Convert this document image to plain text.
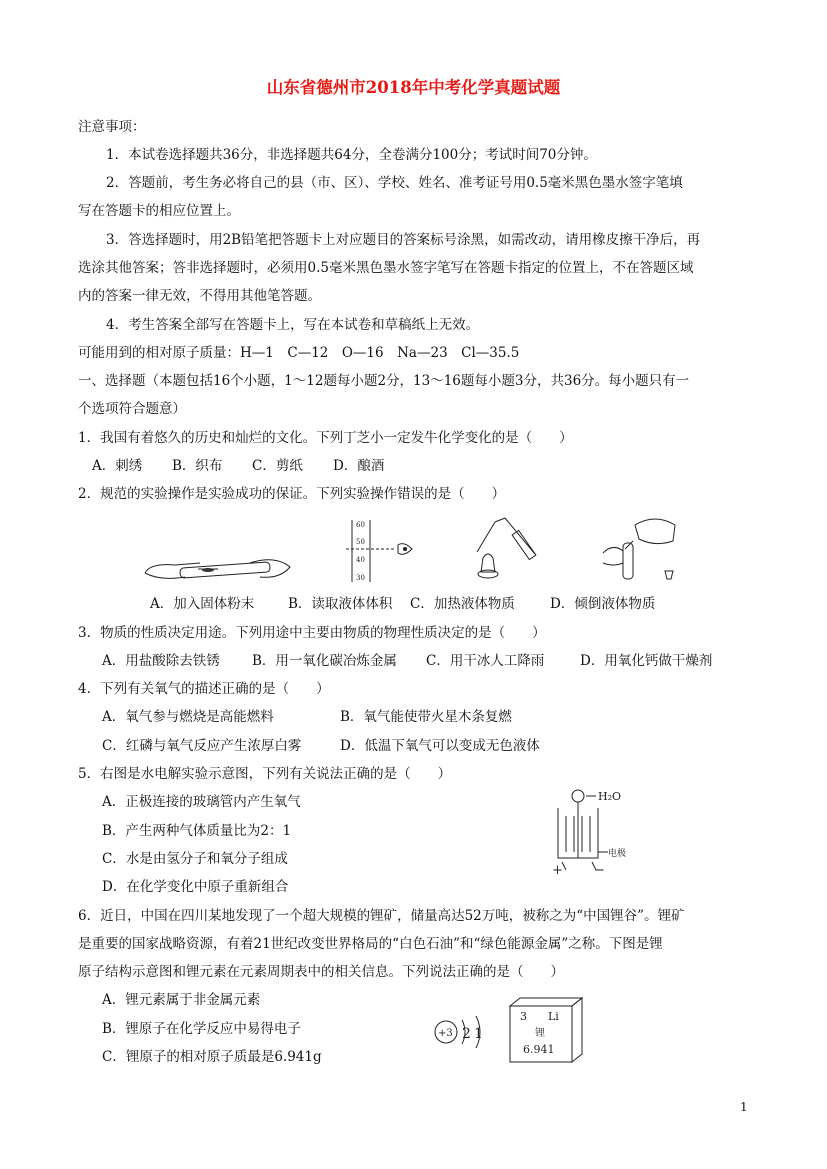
山东省德州市2018年中考化学真题试题
注意事项：
1．本试卷选择题共36分，非选择题共64分，全卷满分100分；考试时间70分钟。
2．答题前，考生务必将自己的县（市、区）、学校、姓名、准考证号用0.5毫米黑色墨水签字笔填
写在答题卡的相应位置上。
3．答选择题时，用2B铅笔把答题卡上对应题目的答案标号涂黑，如需改动，请用橡皮擦干净后，再
选涂其他答案；答非选择题时，必须用0.5毫米黑色墨水签字笔写在答题卡指定的位置上，不在答题区域
内的答案一律无效，不得用其他笔答题。
4．考生答案全部写在答题卡上，写在本试卷和草稿纸上无效。
可能用到的相对原子质量：H—1　C—12　O—16　Na—23　Cl—35.5
一、选择题（本题包括16个小题，1～12题每小题2分，13～16题每小题3分，共36分。每小题只有一
个选项符合题意）
1．我国有着悠久的历史和灿烂的文化。下列丁芝小一定发牛化学变化的是（　　）
A．刺绣 B．织布 C．剪纸 D．酿酒
2．规范的实验操作是实验成功的保证。下列实验操作错误的是（　　）
60
50
40
30
A．加入固体粉末	B．读取液体体积 C．加热液体物质	D．倾倒液体物质
3．物质的性质决定用途。下列用途中主要由物质的物理性质决定的是（　　）
A．用盐酸除去铁锈 B．用一氧化碳冶炼金属 C．用干冰人工降雨	D．用氧化钙做干燥剂
4．下列有关氧气的描述正确的是（　　）
A．氧气参与燃烧是高能燃料	B．氧气能使带火星木条复燃
C．红磷与氧气反应产生浓厚白雾	D．低温下氧气可以变成无色液体
5．右图是水电解实验示意图，下列有关说法正确的是（　　）
A．正极连接的玻璃管内产生氧气
B．产生两种气体质量比为2：1
C．水是由氢分子和氧分子组成
D．在化学变化中原子重新组合
H₂O
电极
+ −
6．近日，中国在四川某地发现了一个超大规模的锂矿，储量高达52万吨，被称之为“中国锂谷”。锂矿
是重要的国家战略资源，有着21世纪改变世界格局的“白色石油”和“绿色能源金属”之称。下图是锂
原子结构示意图和锂元素在元素周期表中的相关信息。下列说法正确的是（　　）
A．锂元素属于非金属元素
B．锂原子在化学反应中易得电子
C．锂原子的相对原子质最是6.941g
+3 2 1
3 Li
锂
6.941
1
